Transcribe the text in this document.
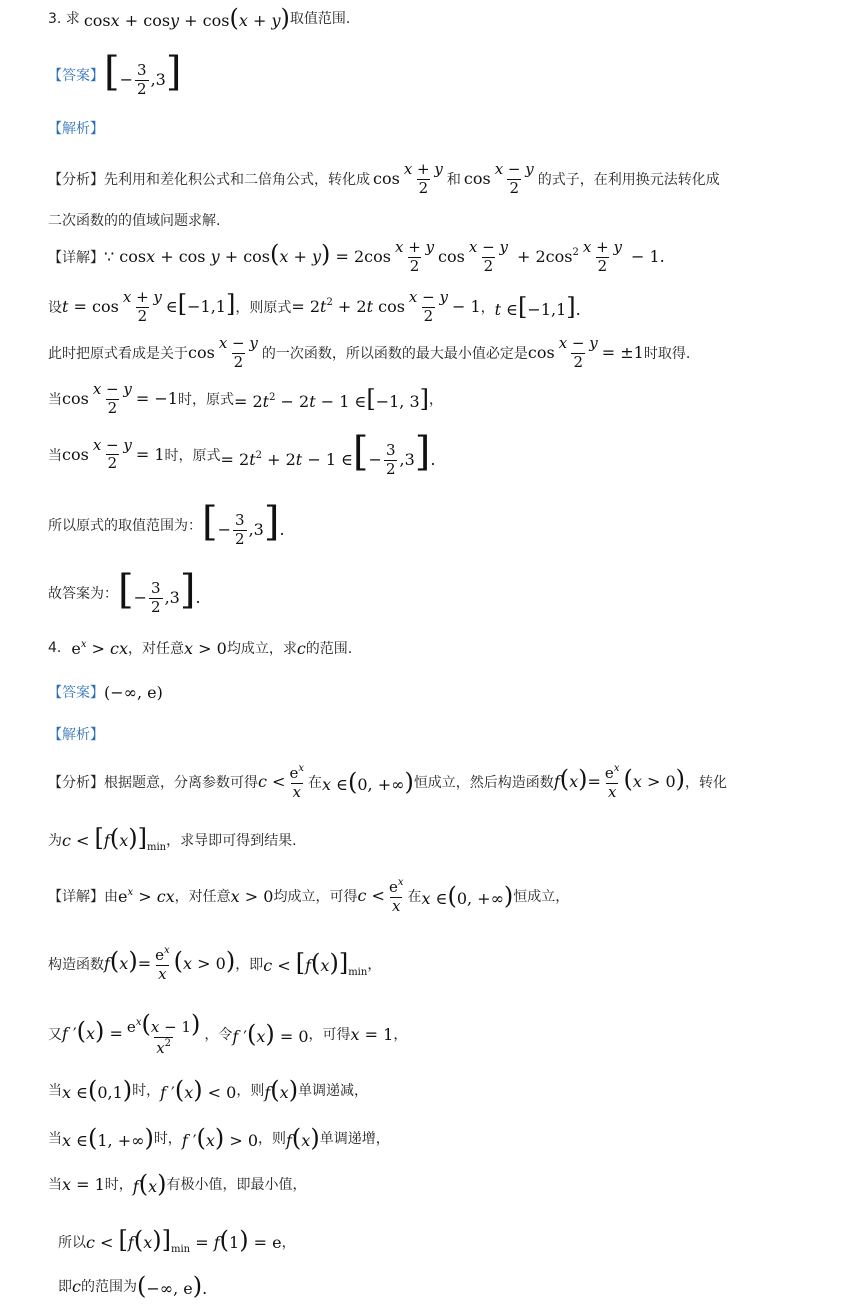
3. 求 cosx + cosy + cos(x + y) 取值范围.
【答案】 [− $\frac{3}{2} ,3$]
【解析】
【分析】 先利用和差化积公式和二倍角公式，转化成 $\cos \frac{x + y}{2}$ 和 $\cos \frac{x - y}{2}$ 的式子，在利用换元法转化成
二次函数的的值域问题求解.
【详解】 ∵ $\cos x + \cos y + \cos(x + y) = 2\cos \frac{x + y}{2}$ $\cos \frac{x - y}{2} + 2\cos^2 \frac{x + y}{2} - 1$.
设 $t = \cos \frac{x + y}{2}$ ∈[−1,1] ，则原式 = $2t^2 + 2t$ $\cos \frac{x - y}{2} - 1$ ， t ∈[−1,1].
此时把原式看成是关于 $\cos \frac{x - y}{2}$ 的一次函数，所以函数的最大最小值必定是 $\cos \frac{x - y}{2} = \pm 1$ 时取得.
当 $\cos \frac{x - y}{2} = -1$ 时，原式 = $2t^2 - 2t - 1$ ∈[−1, 3] ，
当 $\cos \frac{x - y}{2} = 1$ 时，原式 = $2t^2 + 2t - 1$ ∈[− $\frac{3}{2} ,3$].
所以原式的取值范围为： [− $\frac{3}{2} ,3$].
故答案为： [− $\frac{3}{2} ,3$].
4. $e^x$ > cx ，对任意 x > 0 均成立，求 c 的范围.
【答案】 (−∞, e)
【解析】
【分析】 根据题意，分离参数可得 $c < \frac{e^x}{x}$ 在 x ∈(0, +∞) 恒成立，然后构造函数 $f(x)= \frac{e^x}{x} (x > 0)$ ，转化
为 $c < [f(x)]_{min}$ ，求导即可得到结果.
【详解】 由 $e^x$ > cx ，对任意 x > 0 均成立，可得 $c < \frac{e^x}{x}$ 在 x ∈(0, +∞) 恒成立，
构造函数 $f(x)= \frac{e^x}{x} (x > 0)$ ，即 $c < [f(x)]_{min}$ ，
又 f $'(x) = \frac{e^x(x - 1)}{x^2}$ ，令 f ′(x) = 0 ，可得 x = 1 ，
当 x ∈(0,1) 时， f ′(x) < 0 ，则 f(x) 单调递减，
当 x ∈(1, +∞) 时， f ′(x) > 0 ，则 f(x) 单调递增，
当 x = 1 时， f(x) 有极小值，即最小值，
所以 $c < [f(x)]_{min} = f(1) = e$ ，
即 c 的范围为 (−∞, e).
